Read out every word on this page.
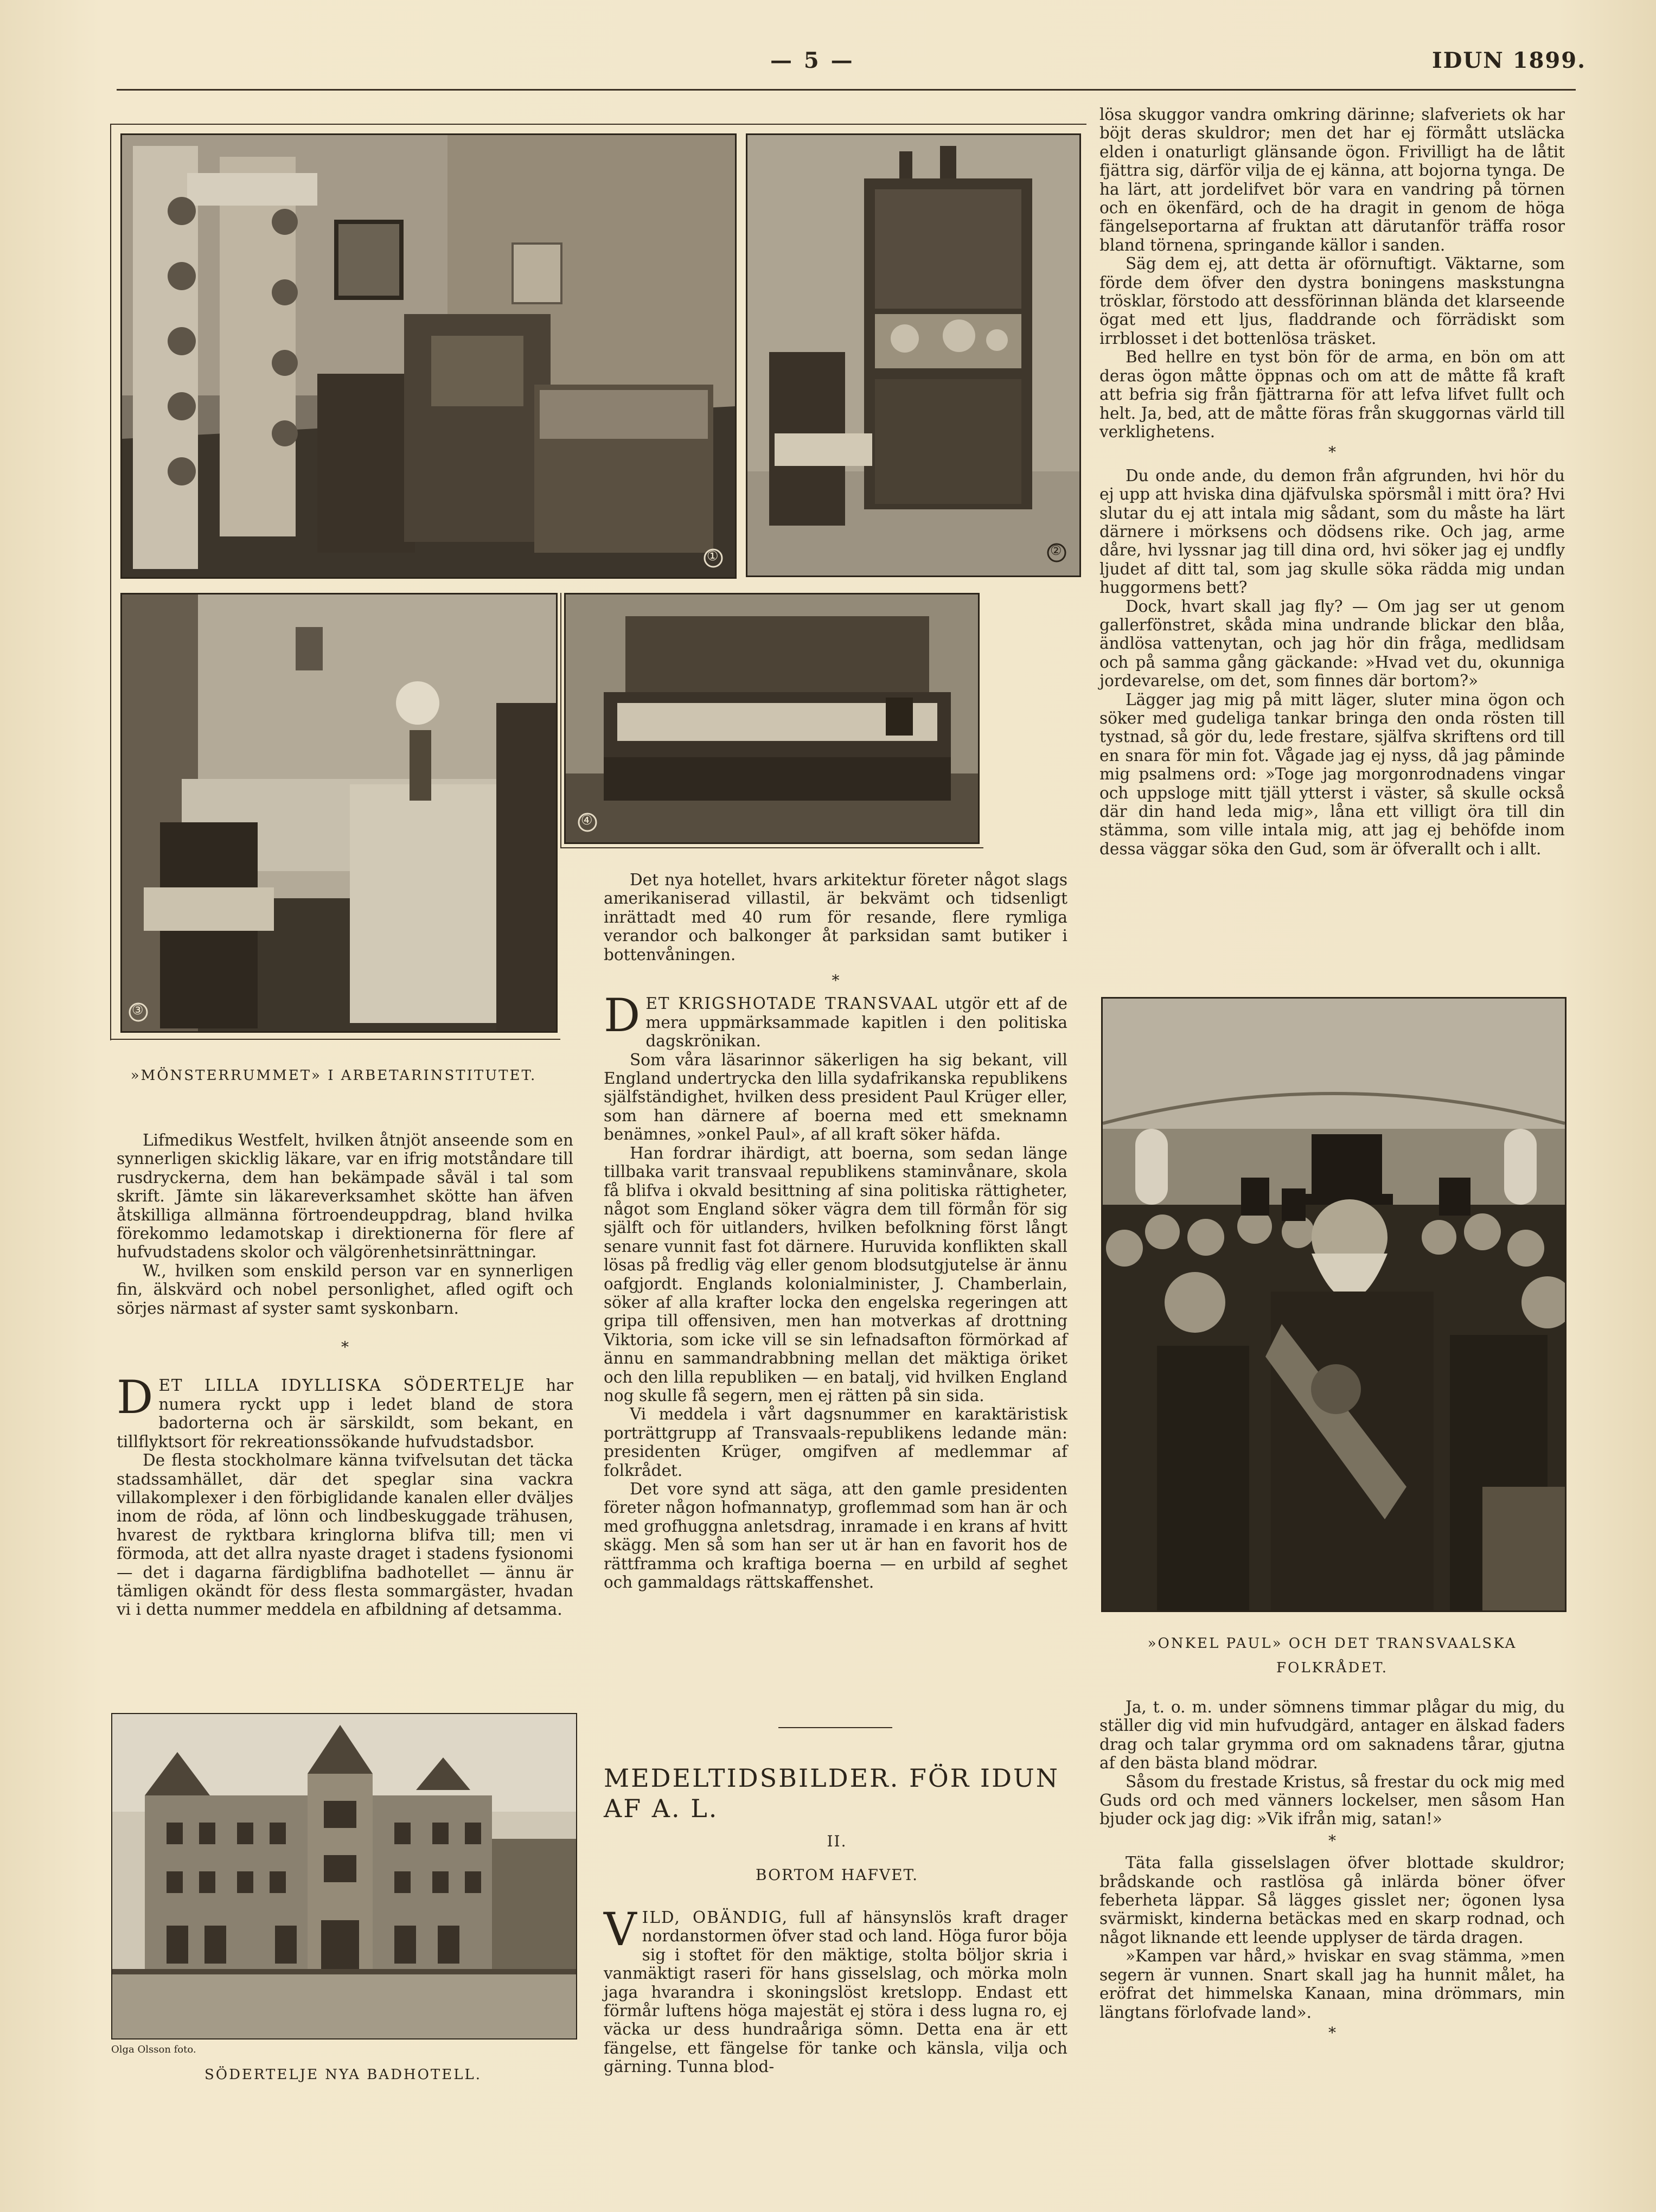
— 5 —	IDUN 1899.
①	②
③
④
»MÖNSTERRUMMET» I ARBETARINSTITUTET.

Lifmedikus Westfelt, hvilken åtnjöt anseende som en synnerligen skicklig läkare, var en ifrig motståndare till rusdryckerna, dem han bekämpade såväl i tal som skrift. Jämte sin läkareverksamhet skötte han äfven åtskilliga allmänna förtroendeuppdrag, bland hvilka förekommo ledamotskap i direktionerna för flere af hufvudstadens skolor och välgörenhetsinrättningar.

W., hvilken som enskild person var en synnerligen fin, älskvärd och nobel personlighet, afled ogift och sörjes närmast af syster samt syskonbarn.

*

DET LILLA IDYLLISKA SÖDERTELJE har numera ryckt upp i ledet bland de stora badorterna och är särskildt, som bekant, en tillflyktsort för rekreationssökande hufvudstadsbor.

De flesta stockholmare känna tvifvelsutan det täcka stadssamhället, där det speglar sina vackra villakomplexer i den förbiglidande kanalen eller dväljes inom de röda, af lönn och lindbeskuggade trähusen, hvarest de ryktbara kringlorna blifva till; men vi förmoda, att det allra nyaste draget i stadens fysionomi — det i dagarna färdigblifna badhotellet — ännu är tämligen okändt för dess flesta sommargäster, hvadan vi i detta nummer meddela en afbildning af detsamma.

Olga Olsson foto.
SÖDERTELJE NYA BADHOTELL.

Det nya hotellet, hvars arkitektur företer något slags amerikaniserad villastil, är bekvämt och tidsenligt inrättadt med 40 rum för resande, flere rymliga verandor och balkonger åt parksidan samt butiker i bottenvåningen.

*

DET KRIGSHOTADE TRANSVAAL utgör ett af de mera uppmärksammade kapitlen i den politiska dagskrönikan.

Som våra läsarinnor säkerligen ha sig bekant, vill England undertrycka den lilla sydafrikanska republikens själfständighet, hvilken dess president Paul Krüger eller, som han därnere af boerna med ett smeknamn benämnes, »onkel Paul», af all kraft söker häfda.

Han fordrar ihärdigt, att boerna, som sedan länge tillbaka varit transvaal republikens staminvånare, skola få blifva i okvald besittning af sina politiska rättigheter, något som England söker vägra dem till förmån för sig själft och för uitlanders, hvilken befolkning först långt senare vunnit fast fot därnere. Huruvida konflikten skall lösas på fredlig väg eller genom blodsutgjutelse är ännu oafgjordt. Englands kolonialminister, J. Chamberlain, söker af alla krafter locka den engelska regeringen att gripa till offensiven, men han motverkas af drottning Viktoria, som icke vill se sin lefnadsafton förmörkad af ännu en sammandrabbning mellan det mäktiga öriket och den lilla republiken — en batalj, vid hvilken England nog skulle få segern, men ej rätten på sin sida.

Vi meddela i vårt dagsnummer en karaktäristisk porträttgrupp af Transvaals-republikens ledande män: presidenten Krüger, omgifven af medlemmar af folkrådet.

Det vore synd att säga, att den gamle presidenten företer någon hofmannatyp, groflemmad som han är och med grofhuggna anletsdrag, inramade i en krans af hvitt skägg. Men så som han ser ut är han en favorit hos de rättframma och kraftiga boerna — en urbild af seghet och gammaldags rättskaffenshet.

MEDELTIDSBILDER. FÖR IDUN AF A. L.
II.
BORTOM HAFVET.

VILD, OBÄNDIG, full af hänsynslös kraft drager nordanstormen öfver stad och land. Höga furor böja sig i stoftet för den mäktige, stolta böljor skria i vanmäktigt raseri för hans gisselslag, och mörka moln jaga hvarandra i skoningslöst kretslopp. Endast ett förmår luftens höga majestät ej störa i dess lugna ro, ej väcka ur dess hundraåriga sömn. Detta ena är ett fängelse, ett fängelse för tanke och känsla, vilja och gärning. Tunna blod-

lösa skuggor vandra omkring därinne; slafveriets ok har böjt deras skuldror; men det har ej förmått utsläcka elden i onaturligt glänsande ögon. Frivilligt ha de låtit fjättra sig, därför vilja de ej känna, att bojorna tynga. De ha lärt, att jordelifvet bör vara en vandring på törnen och en ökenfärd, och de ha dragit in genom de höga fängelseportarna af fruktan att därutanför träffa rosor bland törnena, springande källor i sanden.

Säg dem ej, att detta är oförnuftigt. Väktarne, som förde dem öfver den dystra boningens maskstungna trösklar, förstodo att dessförinnan blända det klarseende ögat med ett ljus, fladdrande och förrädiskt som irrblosset i det bottenlösa träsket.

Bed hellre en tyst bön för de arma, en bön om att deras ögon måtte öppnas och om att de måtte få kraft att befria sig från fjättrarna för att lefva lifvet fullt och helt. Ja, bed, att de måtte föras från skuggornas värld till verklighetens.

*

Du onde ande, du demon från afgrunden, hvi hör du ej upp att hviska dina djäfvulska spörsmål i mitt öra? Hvi slutar du ej att intala mig sådant, som du måste ha lärt därnere i mörksens och dödsens rike. Och jag, arme dåre, hvi lyssnar jag till dina ord, hvi söker jag ej undfly ljudet af ditt tal, som jag skulle söka rädda mig undan huggormens bett?

Dock, hvart skall jag fly? — Om jag ser ut genom gallerfönstret, skåda mina undrande blickar den blåa, ändlösa vattenytan, och jag hör din fråga, medlidsam och på samma gång gäckande: »Hvad vet du, okunniga jordevarelse, om det, som finnes där bortom?»

Lägger jag mig på mitt läger, sluter mina ögon och söker med gudeliga tankar bringa den onda rösten till tystnad, så gör du, lede frestare, själfva skriftens ord till en snara för min fot. Vågade jag ej nyss, då jag påminde mig psalmens ord: »Toge jag morgonrodnadens vingar och uppsloge mitt tjäll ytterst i väster, så skulle också där din hand leda mig», låna ett villigt öra till din stämma, som ville intala mig, att jag ej behöfde inom dessa väggar söka den Gud, som är öfverallt och i allt.

»ONKEL PAUL» OCH DET TRANSVAALSKA
FOLKRÅDET.

Ja, t. o. m. under sömnens timmar plågar du mig, du ställer dig vid min hufvudgärd, antager en älskad faders drag och talar grymma ord om saknadens tårar, gjutna af den bästa bland mödrar.

Såsom du frestade Kristus, så frestar du ock mig med Guds ord och med vänners lockelser, men såsom Han bjuder ock jag dig: »Vik ifrån mig, satan!»

*

Täta falla gisselslagen öfver blottade skuldror; brådskande och rastlösa gå inlärda böner öfver feberheta läppar. Så lägges gisslet ner; ögonen lysa svärmiskt, kinderna betäckas med en skarp rodnad, och något liknande ett leende upplyser de tärda dragen.

»Kampen var hård,» hviskar en svag stämma, »men segern är vunnen. Snart skall jag ha hunnit målet, ha eröfrat det himmelska Kanaan, mina drömmars, min längtans förlofvade land».

*
